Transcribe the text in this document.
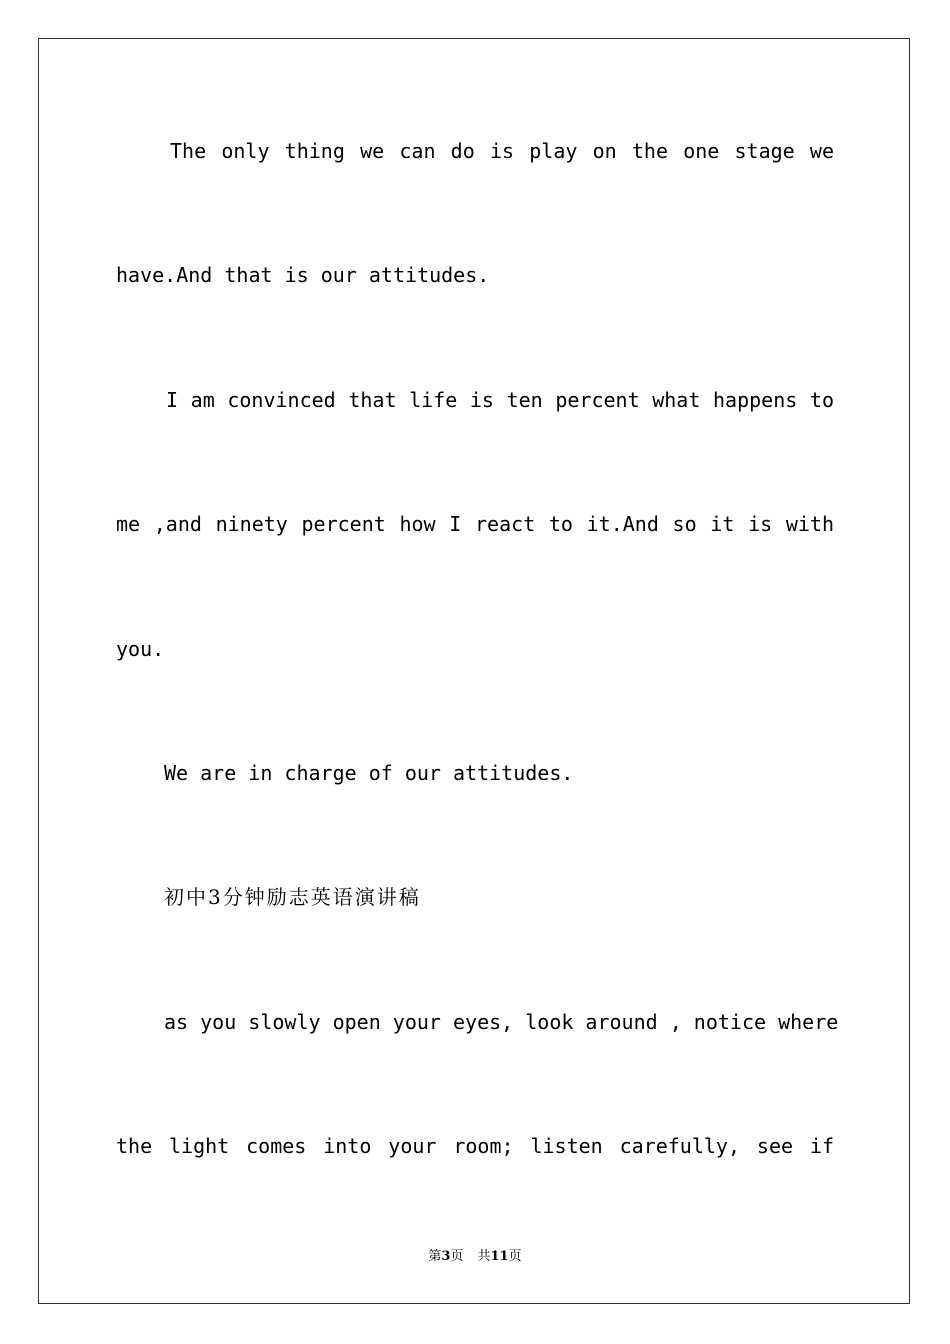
The only thing we can do is play on the one stage we
have.And that is our attitudes.
I am convinced that life is ten percent what happens to
me ,and ninety percent how I react to it.And so it is with
you.
We are in charge of our attitudes.
初中3分钟励志英语演讲稿
as you slowly open your eyes, look around , notice where
the light comes into your room; listen carefully, see if
第3页 共11页
